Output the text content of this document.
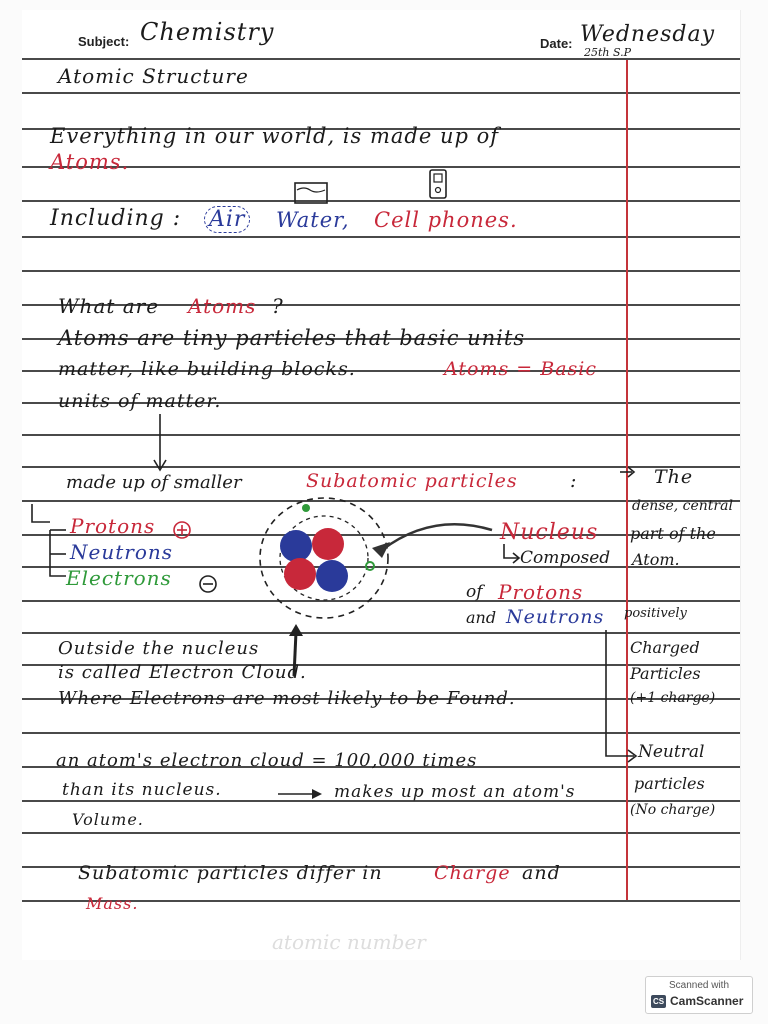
atomic number
Subject: Chemistry	Date: Wednesday
25th S.P
Atomic Structure
Everything in our world, is made up of
Atoms.
Including : Air Water, Cell phones.
What are Atoms ?
Atoms are tiny particles that basic units
matter, like building blocks.	Atoms = Basic
units of matter.
made up of smaller	Subatomic particles	:
Protons
Neutrons
Electrons
Nucleus
Composed
of Protons
and Neutrons
The
dense, central
part of the
Atom.
positively
Charged
Particles
(+1 charge)
Neutral
particles
(No charge)
Outside the nucleus
is called Electron Cloud.
Where Electrons are most likely to be Found.
an atom's electron cloud = 100,000 times
than its nucleus.	makes up most an atom's
Volume.
Subatomic particles differ in	Charge and
Mass.
Scanned with
CS CamScanner
